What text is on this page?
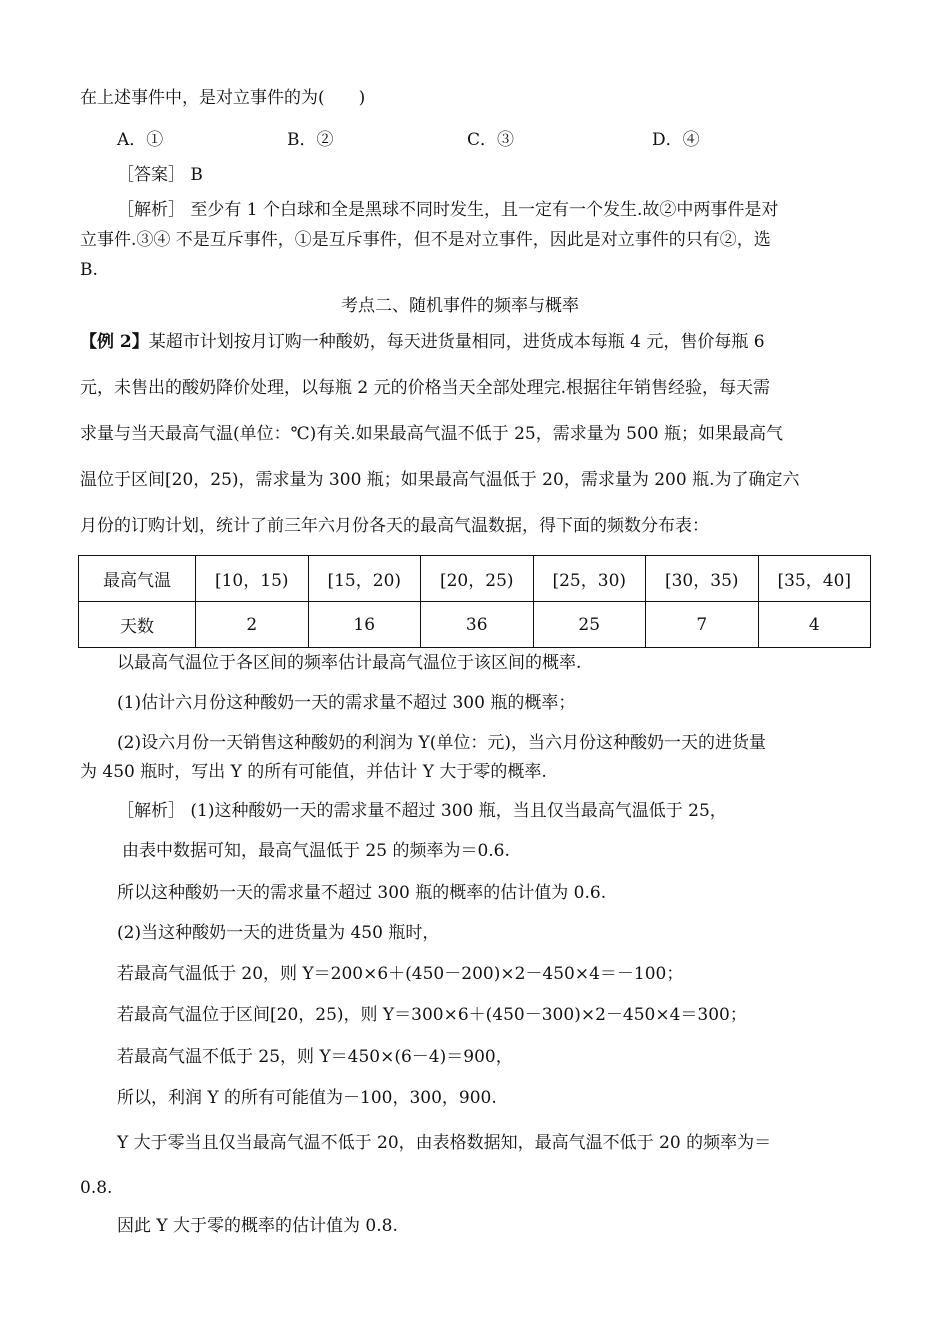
在上述事件中，是对立事件的为(　　)
A．①	B．②	C．③	D．④
［答案］ B
［解析］ 至少有 1 个白球和全是黑球不同时发生，且一定有一个发生.故②中两事件是对
立事件.③④ 不是互斥事件，①是互斥事件，但不是对立事件，因此是对立事件的只有②，选
B.
考点二、随机事件的频率与概率
【例 2】某超市计划按月订购一种酸奶，每天进货量相同，进货成本每瓶 4 元，售价每瓶 6
元，未售出的酸奶降价处理，以每瓶 2 元的价格当天全部处理完.根据往年销售经验，每天需
求量与当天最高气温(单位：℃)有关.如果最高气温不低于 25，需求量为 500 瓶；如果最高气
温位于区间[20，25)，需求量为 300 瓶；如果最高气温低于 20，需求量为 200 瓶.为了确定六
月份的订购计划，统计了前三年六月份各天的最高气温数据，得下面的频数分布表：
最高气温	[10，15)	[15，20)	[20，25)	[25，30)	[30，35)	[35，40]
天数	2	16	36	25	7	4
以最高气温位于各区间的频率估计最高气温位于该区间的概率.
(1)估计六月份这种酸奶一天的需求量不超过 300 瓶的概率；
(2)设六月份一天销售这种酸奶的利润为 Y(单位：元)，当六月份这种酸奶一天的进货量
为 450 瓶时，写出 Y 的所有可能值，并估计 Y 大于零的概率.
［解析］ (1)这种酸奶一天的需求量不超过 300 瓶，当且仅当最高气温低于 25，
由表中数据可知，最高气温低于 25 的频率为＝0.6.
所以这种酸奶一天的需求量不超过 300 瓶的概率的估计值为 0.6.
(2)当这种酸奶一天的进货量为 450 瓶时，
若最高气温低于 20，则 Y＝200×6＋(450－200)×2－450×4＝－100；
若最高气温位于区间[20，25)，则 Y＝300×6＋(450－300)×2－450×4＝300；
若最高气温不低于 25，则 Y＝450×(6－4)＝900，
所以，利润 Y 的所有可能值为－100，300，900.
Y 大于零当且仅当最高气温不低于 20，由表格数据知，最高气温不低于 20 的频率为＝
0.8.
因此 Y 大于零的概率的估计值为 0.8.
